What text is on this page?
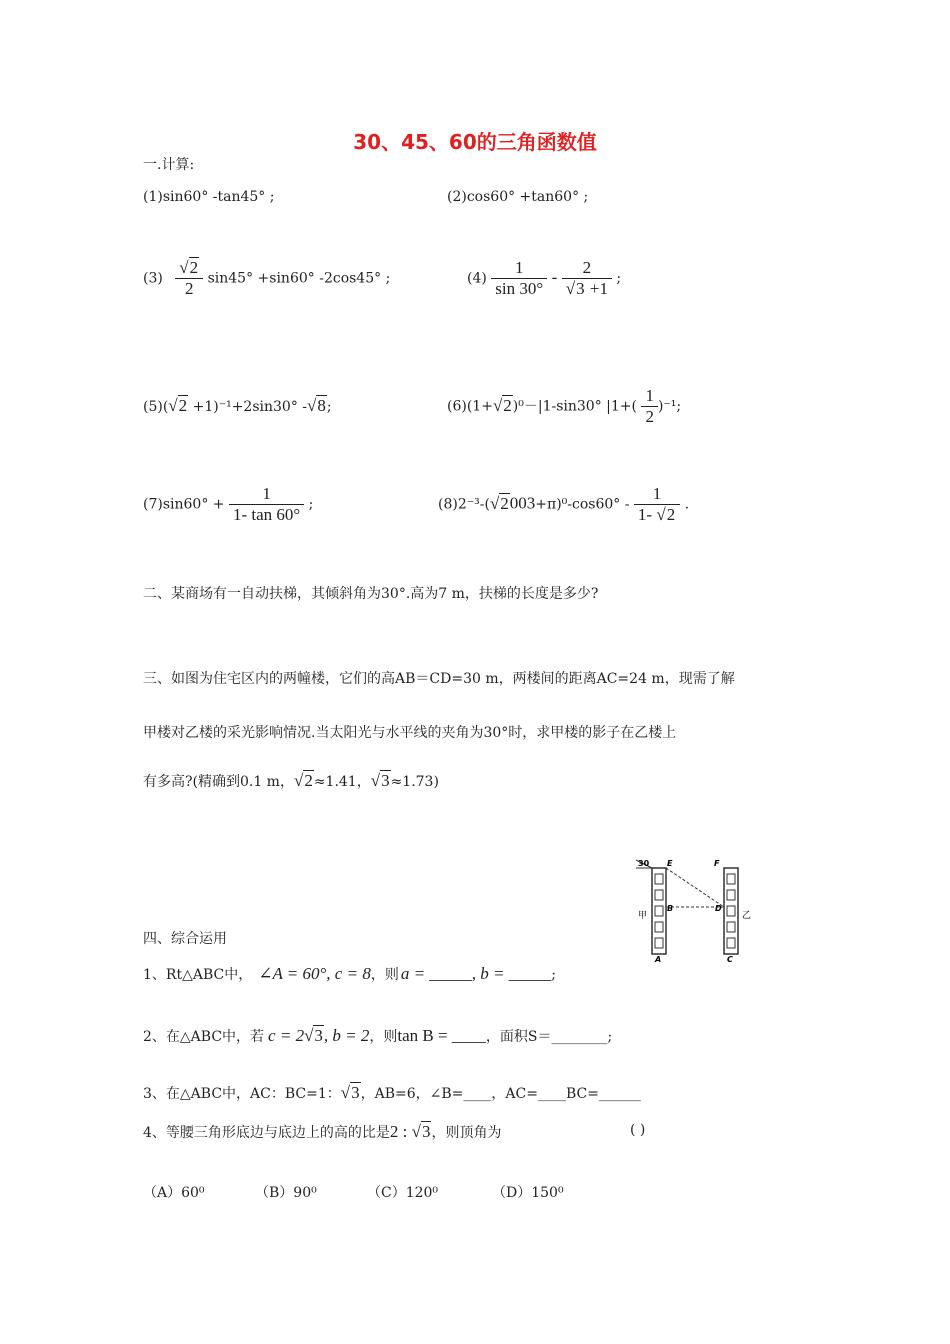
30、45、60的三角函数值
一.计算:
(1)sin60° -tan45° ;	(2)cos60° +tan60° ;
$(3) \frac{√2}{2} \sin 45^\circ +\sin 60^\circ$ -2cos45° ;	$(4) \frac{1}{\sin 30^\circ} - \frac{2}{√3 +1}$ ;
(5)(√2 +1)⁻¹+2sin30° -√8;	(6)(1+√2)⁰－|1-sin30° $|1+( \frac{1}{2} )^{-1}$;
$(7)\sin 60^\circ + \frac{1}{1- \tan 60^\circ}$ ;	$(8)2^{-3}-(√2003+\pi)^0-\cos 60^\circ - \frac{1}{1- √2}$ .
二、某商场有一自动扶梯，其倾斜角为30°.高为7 m，扶梯的长度是多少?
三、如图为住宅区内的两幢楼，它们的高AB＝CD=30 m，两楼间的距离AC=24 m，现需了解
甲楼对乙楼的采光影响情况.当太阳光与水平线的夹角为30°时，求甲楼的影子在乙楼上
有多高?(精确到0.1 m，√2≈1.41，√3≈1.73)
30 E	F
B	D
A	C
甲	乙
四、综合运用
1、Rt△ABC中， ∠A = 60°, c = 8，则 a = _____, b = _____;
2、在△ABC中，若 c = 2√3, b = 2，则tan B = ____，面积S＝________;
3、在△ABC中，AC：BC=1：√3，AB=6，∠B=____，AC=____BC=______
4、等腰三角形底边与底边上的高的比是2 : √3，则顶角为	( )
（A）60⁰	（B）90⁰	（C）120⁰	（D）150⁰
